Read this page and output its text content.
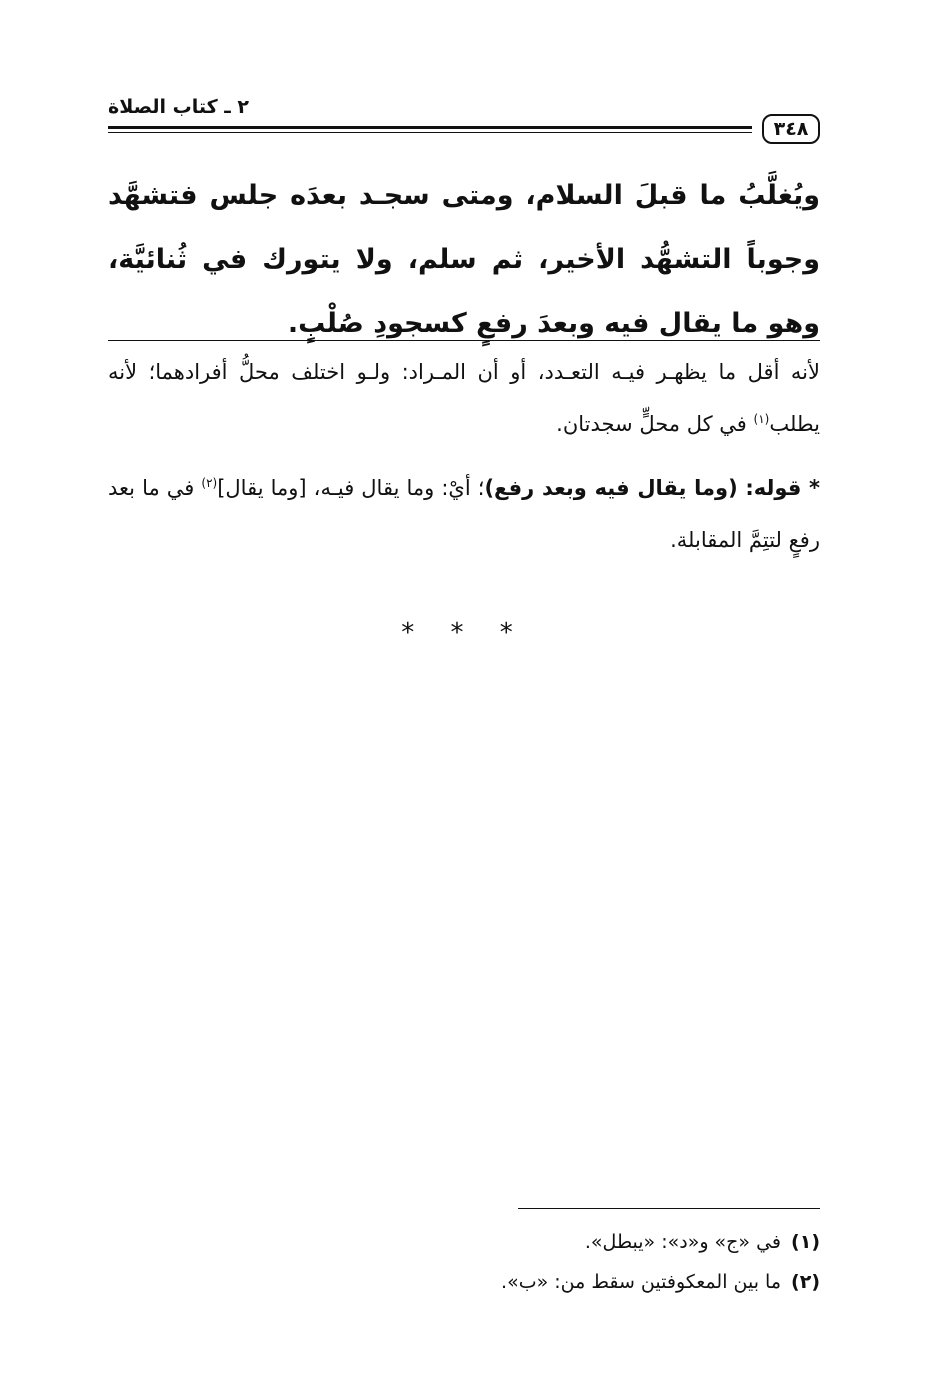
٢ ـ كتاب الصلاة
٣٤٨
ويُغلَّبُ ما قبلَ السلام، ومتى سجـد بعدَه جلس فتشهَّد وجوباً التشهُّد الأخير، ثم سلم، ولا يتورك في ثُنائيَّة، وهو ما يقال فيه وبعدَ رفعٍ كسجودِ صُلْبٍ.

لأنه أقل ما يظهـر فيـه التعـدد، أو أن المـراد: ولـو اختلف محلُّ أفرادهما؛ لأنه يطلب$^{(١)}$ في كل محلٍّ سجدتان.

* قوله: (وما يقال فيه وبعد رفع)؛ أيْ: وما يقال فيـه، [وما يقال]$^{(٢)}$ في ما بعد رفعٍ لتتِمَّ المقابلة.

* * *
(١)في «ج» و«د»: «يبطل».
(٢)ما بين المعكوفتين سقط من: «ب».
